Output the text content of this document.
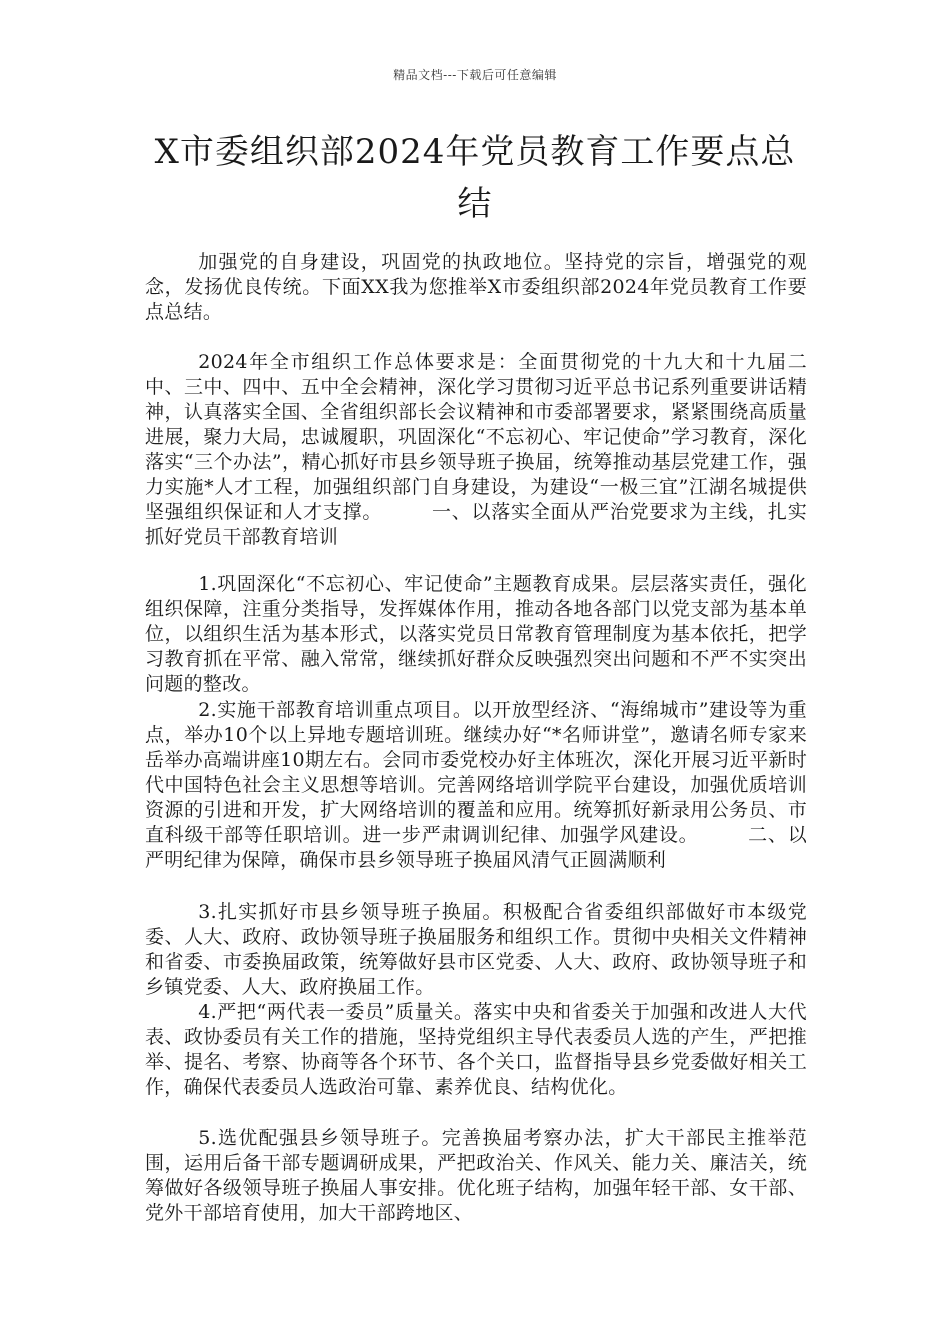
精品文档---下载后可任意编辑
X市委组织部2024年党员教育工作要点总结

加强党的自身建设，巩固党的执政地位。坚持党的宗旨，增强党的观念，发扬优良传统。下面XX我为您推举X市委组织部2024年党员教育工作要点总结。

2024年全市组织工作总体要求是：全面贯彻党的十九大和十九届二中、三中、四中、五中全会精神，深化学习贯彻习近平总书记系列重要讲话精神，认真落实全国、全省组织部长会议精神和市委部署要求，紧紧围绕高质量进展，聚力大局，忠诚履职，巩固深化“不忘初心、牢记使命”学习教育，深化落实“三个办法”，精心抓好市县乡领导班子换届，统筹推动基层党建工作，强力实施*人才工程，加强组织部门自身建设，为建设“一极三宜”江湖名城提供坚强组织保证和人才支撑。　　　一、以落实全面从严治党要求为主线，扎实抓好党员干部教育培训

1.巩固深化“不忘初心、牢记使命”主题教育成果。层层落实责任，强化组织保障，注重分类指导，发挥媒体作用，推动各地各部门以党支部为基本单位，以组织生活为基本形式，以落实党员日常教育管理制度为基本依托，把学习教育抓在平常、融入常常，继续抓好群众反映强烈突出问题和不严不实突出问题的整改。

2.实施干部教育培训重点项目。以开放型经济、“海绵城市”建设等为重点，举办10个以上异地专题培训班。继续办好“*名师讲堂”，邀请名师专家来岳举办高端讲座10期左右。会同市委党校办好主体班次，深化开展习近平新时代中国特色社会主义思想等培训。完善网络培训学院平台建设，加强优质培训资源的引进和开发，扩大网络培训的覆盖和应用。统筹抓好新录用公务员、市直科级干部等任职培训。进一步严肃调训纪律、加强学风建设。　　　二、以严明纪律为保障，确保市县乡领导班子换届风清气正圆满顺利

3.扎实抓好市县乡领导班子换届。积极配合省委组织部做好市本级党委、人大、政府、政协领导班子换届服务和组织工作。贯彻中央相关文件精神和省委、市委换届政策，统筹做好县市区党委、人大、政府、政协领导班子和乡镇党委、人大、政府换届工作。

4.严把“两代表一委员”质量关。落实中央和省委关于加强和改进人大代表、政协委员有关工作的措施，坚持党组织主导代表委员人选的产生，严把推举、提名、考察、协商等各个环节、各个关口，监督指导县乡党委做好相关工作，确保代表委员人选政治可靠、素养优良、结构优化。

5.选优配强县乡领导班子。完善换届考察办法，扩大干部民主推举范围，运用后备干部专题调研成果，严把政治关、作风关、能力关、廉洁关，统筹做好各级领导班子换届人事安排。优化班子结构，加强年轻干部、女干部、党外干部培育使用，加大干部跨地区、
